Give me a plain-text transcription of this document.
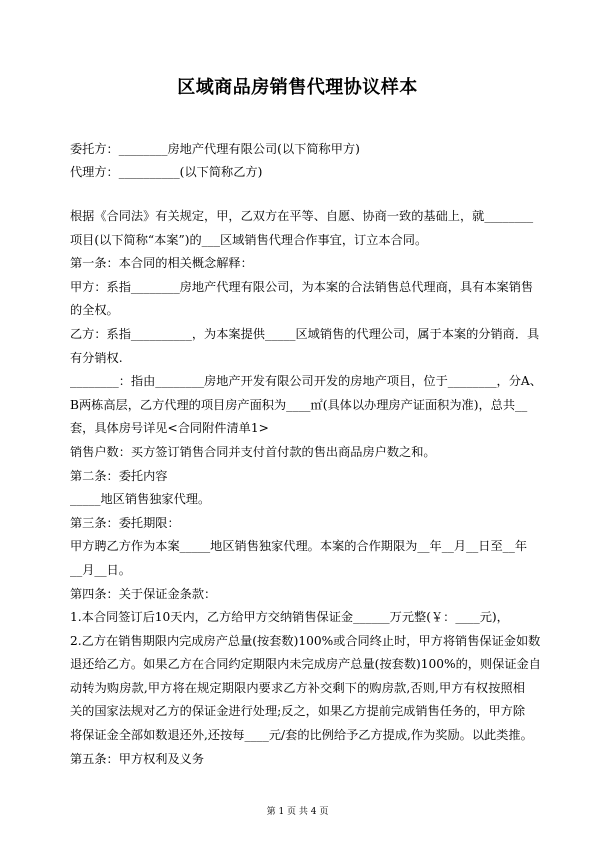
区域商品房销售代理协议样本
委托方：________房地产代理有限公司(以下简称甲方)
代理方：__________(以下简称乙方)
根据《合同法》有关规定，甲，乙双方在平等、自愿、协商一致的基础上，就________
项目(以下简称“本案”)的___区域销售代理合作事宜，订立本合同。
第一条：本合同的相关概念解释：
甲方：系指________房地产代理有限公司，为本案的合法销售总代理商，具有本案销售
的全权。
乙方：系指__________，为本案提供_____区域销售的代理公司，属于本案的分销商．具
有分销权.
________：指由________房地产开发有限公司开发的房地产项目，位于________，分A、
B两栋高层，乙方代理的项目房产面积为____㎡(具体以办理房产证面积为准)，总共__
套，具体房号详见<合同附件清单1>
销售户数：买方签订销售合同并支付首付款的售出商品房户数之和。
第二条：委托内容
_____地区销售独家代理。
第三条：委托期限：
甲方聘乙方作为本案_____地区销售独家代理。本案的合作期限为__年__月__日至__年
__月__日。
第四条：关于保证金条款：
1.本合同签订后10天内，乙方给甲方交纳销售保证金______万元整(￥：____元)，
2.乙方在销售期限内完成房产总量(按套数)100%或合同终止时，甲方将销售保证金如数
退还给乙方。如果乙方在合同约定期限内未完成房产总量(按套数)100%的，则保证金自
动转为购房款,甲方将在规定期限内要求乙方补交剩下的购房款,否则,甲方有权按照相
关的国家法规对乙方的保证金进行处理;反之，如果乙方提前完成销售任务的，甲方除
将保证金全部如数退还外,还按每____元/套的比例给予乙方提成,作为奖励。以此类推。
第五条：甲方权利及义务
第 1 页 共 4 页
